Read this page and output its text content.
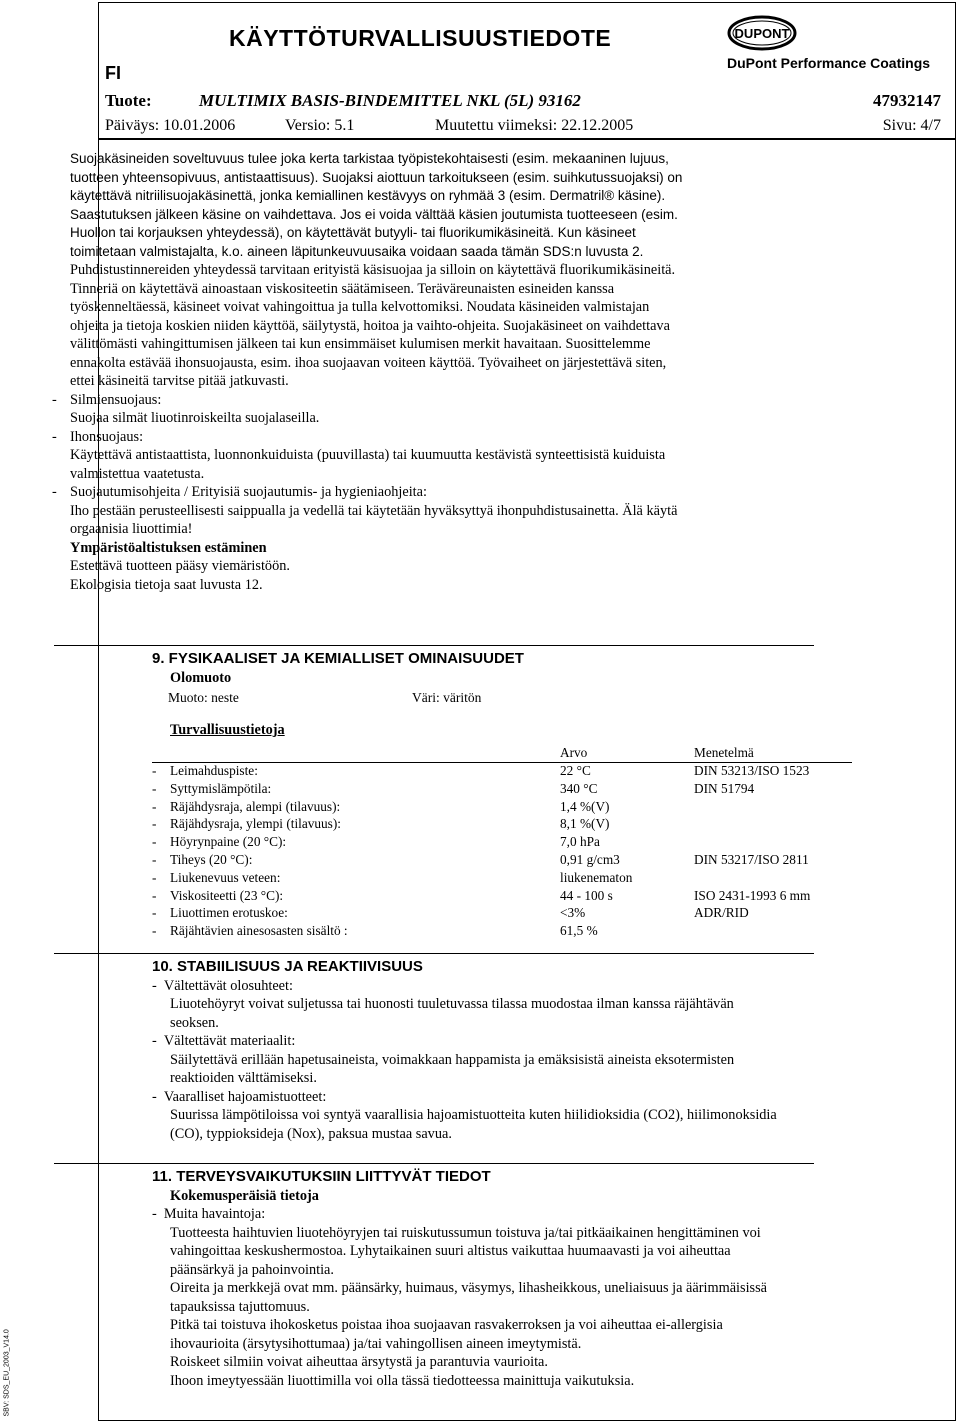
KÄYTTÖTURVALLISUUSTIEDOTE
FI
DUPONT
DuPont Performance Coatings
Tuote:	MULTIMIX BASIS-BINDEMITTEL NKL (5L) 93162	47932147
Päiväys: 10.01.2006	Versio: 5.1	Muutettu viimeksi: 22.12.2005	Sivu: 4/7
Suojakäsineiden soveltuvuus tulee joka kerta tarkistaa työpistekohtaisesti (esim. mekaaninen lujuus,
tuotteen yhteensopivuus, antistaattisuus). Suojaksi aiottuun tarkoitukseen (esim. suihkutussuojaksi) on
käytettävä nitriilisuojakäsinettä, jonka kemiallinen kestävyys on ryhmää 3 (esim. Dermatril® käsine).
Saastutuksen jälkeen käsine on vaihdettava. Jos ei voida välttää käsien joutumista tuotteeseen (esim.
Huollon tai korjauksen yhteydessä), on käytettävät butyyli- tai fluorikumikäsineitä. Kun käsineet
toimitetaan valmistajalta, k.o. aineen läpitunkeuvuusaika voidaan saada tämän SDS:n luvusta 2.
Puhdistustinnereiden yhteydessä tarvitaan erityistä käsisuojaa ja silloin on käytettävä fluorikumikäsineitä.
Tinneriä on käytettävä ainoastaan viskositeetin säätämiseen. Teräväreunaisten esineiden kanssa
työskenneltäessä, käsineet voivat vahingoittua ja tulla kelvottomiksi. Noudata käsineiden valmistajan
ohjeita ja tietoja koskien niiden käyttöä, säilytystä, hoitoa ja vaihto-ohjeita. Suojakäsineet on vaihdettava
välittömästi vahingittumisen jälkeen tai kun ensimmäiset kulumisen merkit havaitaan. Suosittelemme
ennakolta estävää ihonsuojausta, esim. ihoa suojaavan voiteen käyttöä. Työvaiheet on järjestettävä siten,
ettei käsineitä tarvitse pitää jatkuvasti.
- Silmiensuojaus:
Suojaa silmät liuotinroiskeilta suojalaseilla.
- Ihonsuojaus:
Käytettävä antistaattista, luonnonkuiduista (puuvillasta) tai kuumuutta kestävistä synteettisistä kuiduista
valmistettua vaatetusta.
- Suojautumisohjeita / Erityisiä suojautumis- ja hygieniaohjeita:
Iho pestään perusteellisesti saippualla ja vedellä tai käytetään hyväksyttyä ihonpuhdistusainetta. Älä käytä
orgaanisia liuottimia!
Ympäristöaltistuksen estäminen
Estettävä tuotteen pääsy viemäristöön.
Ekologisia tietoja saat luvusta 12.
9. FYSIKAALISET JA KEMIALLISET OMINAISUUDET
Olomuoto
Muoto: neste	Väri: väritön
Turvallisuustietoja
Arvo	Menetelmä
- Leimahduspiste:	22 °C	DIN 53213/ISO 1523
- Syttymislämpötila:	340 °C	DIN 51794
- Räjähdysraja, alempi (tilavuus):	1,4 %(V)
- Räjähdysraja, ylempi (tilavuus):	8,1 %(V)
- Höyrynpaine (20 °C):	7,0 hPa
- Tiheys (20 °C):	0,91 g/cm3	DIN 53217/ISO 2811
- Liukenevuus veteen:	liukenematon
- Viskositeetti (23 °C):	44 - 100 s	ISO 2431-1993 6 mm
- Liuottimen erotuskoe:	<3%	ADR/RID
- Räjähtävien ainesosasten sisältö :	61,5 %
10. STABIILISUUS JA REAKTIIVISUUS
-  Vältettävät olosuhteet:
Liuotehöyryt voivat suljetussa tai huonosti tuuletuvassa tilassa muodostaa ilman kanssa räjähtävän
seoksen.
-  Vältettävät materiaalit:
Säilytettävä erillään hapetusaineista, voimakkaan happamista ja emäksisistä aineista eksotermisten
reaktioiden välttämiseksi.
-  Vaaralliset hajoamistuotteet:
Suurissa lämpötiloissa voi syntyä vaarallisia hajoamistuotteita kuten hiilidioksidia (CO2), hiilimonoksidia
(CO), typpioksideja (Nox), paksua mustaa savua.
11. TERVEYSVAIKUTUKSIIN LIITTYVÄT TIEDOT
Kokemusperäisiä tietoja
-  Muita havaintoja:
Tuotteesta haihtuvien liuotehöyryjen tai ruiskutussumun toistuva ja/tai pitkäaikainen hengittäminen voi
vahingoittaa keskushermostoa. Lyhytaikainen suuri altistus vaikuttaa huumaavasti ja voi aiheuttaa
päänsärkyä ja pahoinvointia.
Oireita ja merkkejä ovat mm. päänsärky, huimaus, väsymys, lihasheikkous, uneliaisuus ja äärimmäisissä
tapauksissa tajuttomuus.
Pitkä tai toistuva ihokosketus poistaa ihoa suojaavan rasvakerroksen ja voi aiheuttaa ei-allergisia
ihovaurioita (ärsytysihottumaa) ja/tai vahingollisen aineen imeytymistä.
Roiskeet silmiin voivat aiheuttaa ärsytystä ja parantuvia vaurioita.
Ihoon imeytyessään liuottimilla voi olla tässä tiedotteessa mainittuja vaikutuksia.
SBV: SDS_EU_2003_V14.0
